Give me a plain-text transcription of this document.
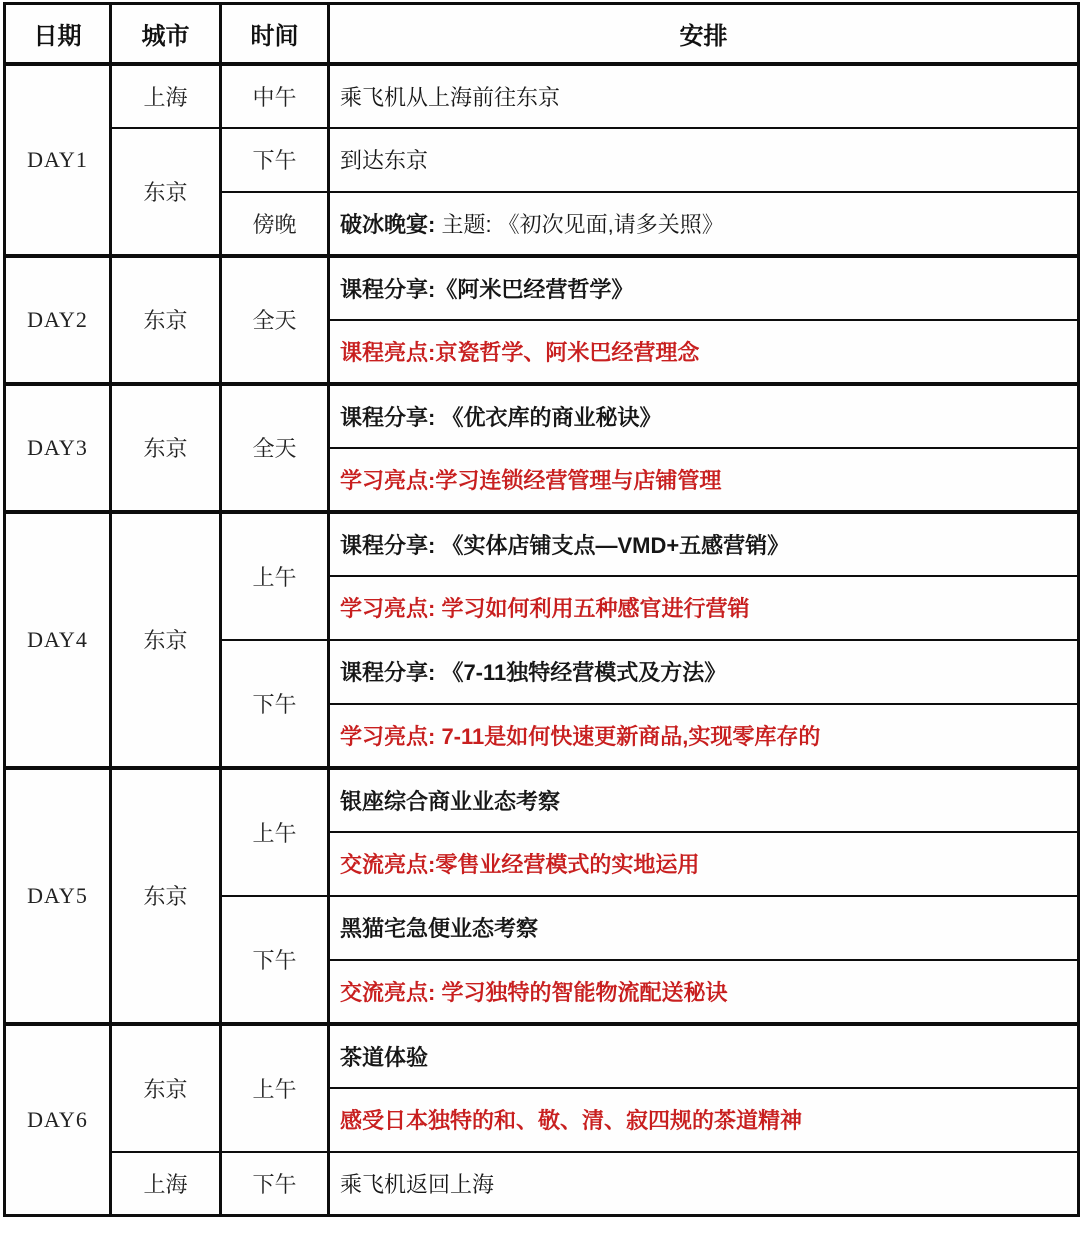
日期	城市	时间	安排
DAY1	上海	中午	乘飞机从上海前往东京
	东京	下午	到达东京
		傍晚	破冰晚宴: 主题: 《初次见面,请多关照》
DAY2	东京	全天	课程分享:《阿米巴经营哲学》
			课程亮点:京瓷哲学、阿米巴经营理念
DAY3	东京	全天	课程分享: 《优衣库的商业秘诀》
			学习亮点:学习连锁经营管理与店铺管理
DAY4	东京	上午	课程分享: 《实体店铺支点—VMD+五感营销》
			学习亮点: 学习如何利用五种感官进行营销
		下午	课程分享: 《7-11独特经营模式及方法》
			学习亮点: 7-11是如何快速更新商品,实现零库存的
DAY5	东京	上午	银座综合商业业态考察
			交流亮点:零售业经营模式的实地运用
		下午	黑猫宅急便业态考察
			交流亮点: 学习独特的智能物流配送秘诀
DAY6	东京	上午	茶道体验
			感受日本独特的和、敬、清、寂四规的茶道精神
	上海	下午	乘飞机返回上海
